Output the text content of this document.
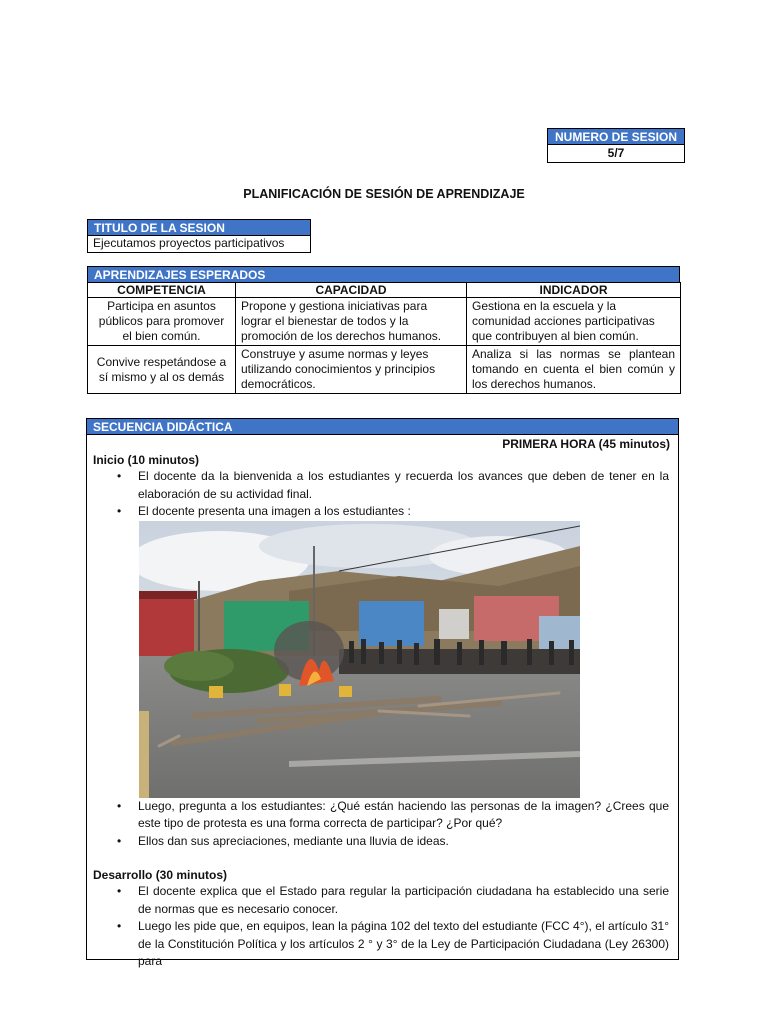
NUMERO DE SESION
5/7
PLANIFICACIÓN DE SESIÓN DE APRENDIZAJE
TITULO DE LA SESION
Ejecutamos proyectos participativos
APRENDIZAJES ESPERADOS
COMPETENCIA	CAPACIDAD	INDICADOR
Participa en asuntos públicos para promover el bien común.	Propone y gestiona iniciativas para lograr el bienestar de todos y la promoción de los derechos humanos.	Gestiona en la escuela y la comunidad acciones participativas que contribuyen al bien común.
Convive respetándose a sí mismo y al os demás	Construye y asume normas y leyes utilizando conocimientos y principios democráticos.	Analiza si las normas se plantean tomando en cuenta el bien común y los derechos humanos.
SECUENCIA DIDÁCTICA
PRIMERA HORA (45 minutos)
Inicio (10 minutos)
• El docente da la bienvenida a los estudiantes y recuerda los avances que deben de tener en la elaboración de su actividad final.
• El docente presenta una imagen a los estudiantes :
• Luego, pregunta a los estudiantes: ¿Qué están haciendo las personas de la imagen? ¿Crees que este tipo de protesta es una forma correcta de participar? ¿Por qué?
• Ellos dan sus apreciaciones, mediante una lluvia de ideas.
Desarrollo (30 minutos)
• El docente explica que el Estado para regular la participación ciudadana ha establecido una serie de normas que es necesario conocer.
• Luego les pide que, en equipos, lean la página 102 del texto del estudiante (FCC 4°), el artículo 31° de la Constitución Política y los artículos 2 ° y 3° de la Ley de Participación Ciudadana (Ley 26300) para
